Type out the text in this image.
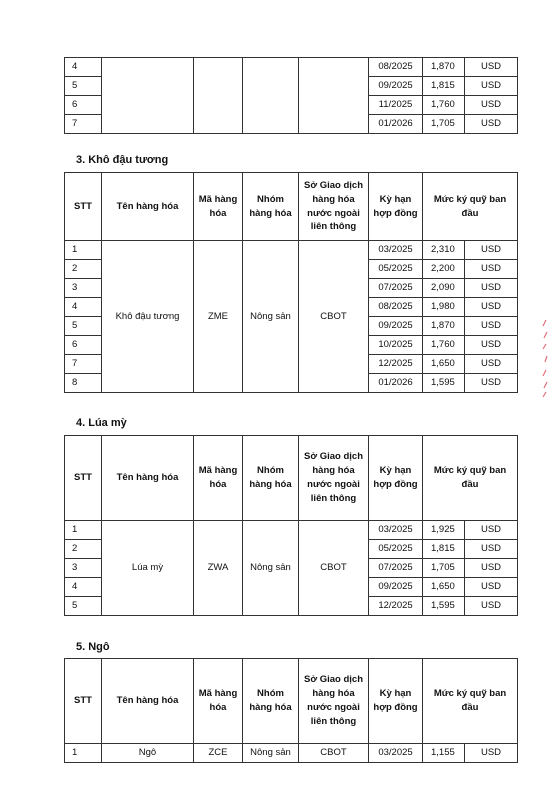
4					08/2025	1,870	USD
5					09/2025	1,815	USD
6					11/2025	1,760	USD
7					01/2026	1,705	USD
3. Khô đậu tương
STT	Tên hàng hóa	Mã hàng hóa	Nhóm hàng hóa	Sở Giao dịch hàng hóa nước ngoài liên thông	Kỳ hạn hợp đồng	Mức ký quỹ ban đầu	
1	Khô đậu tương	ZME	Nông sản	CBOT	03/2025	2,310	USD
2					05/2025	2,200	USD
3					07/2025	2,090	USD
4					08/2025	1,980	USD
5					09/2025	1,870	USD
6					10/2025	1,760	USD
7					12/2025	1,650	USD
8					01/2026	1,595	USD
4. Lúa mỳ
STT	Tên hàng hóa	Mã hàng hóa	Nhóm hàng hóa	Sở Giao dịch hàng hóa nước ngoài liên thông	Kỳ hạn hợp đồng	Mức ký quỹ ban đầu	
1	Lúa mỳ	ZWA	Nông sản	CBOT	03/2025	1,925	USD
2					05/2025	1,815	USD
3					07/2025	1,705	USD
4					09/2025	1,650	USD
5					12/2025	1,595	USD
5. Ngô
STT	Tên hàng hóa	Mã hàng hóa	Nhóm hàng hóa	Sở Giao dịch hàng hóa nước ngoài liên thông	Kỳ hạn hợp đồng	Mức ký quỹ ban đầu	
1	Ngô	ZCE	Nông sản	CBOT	03/2025	1,155	USD
